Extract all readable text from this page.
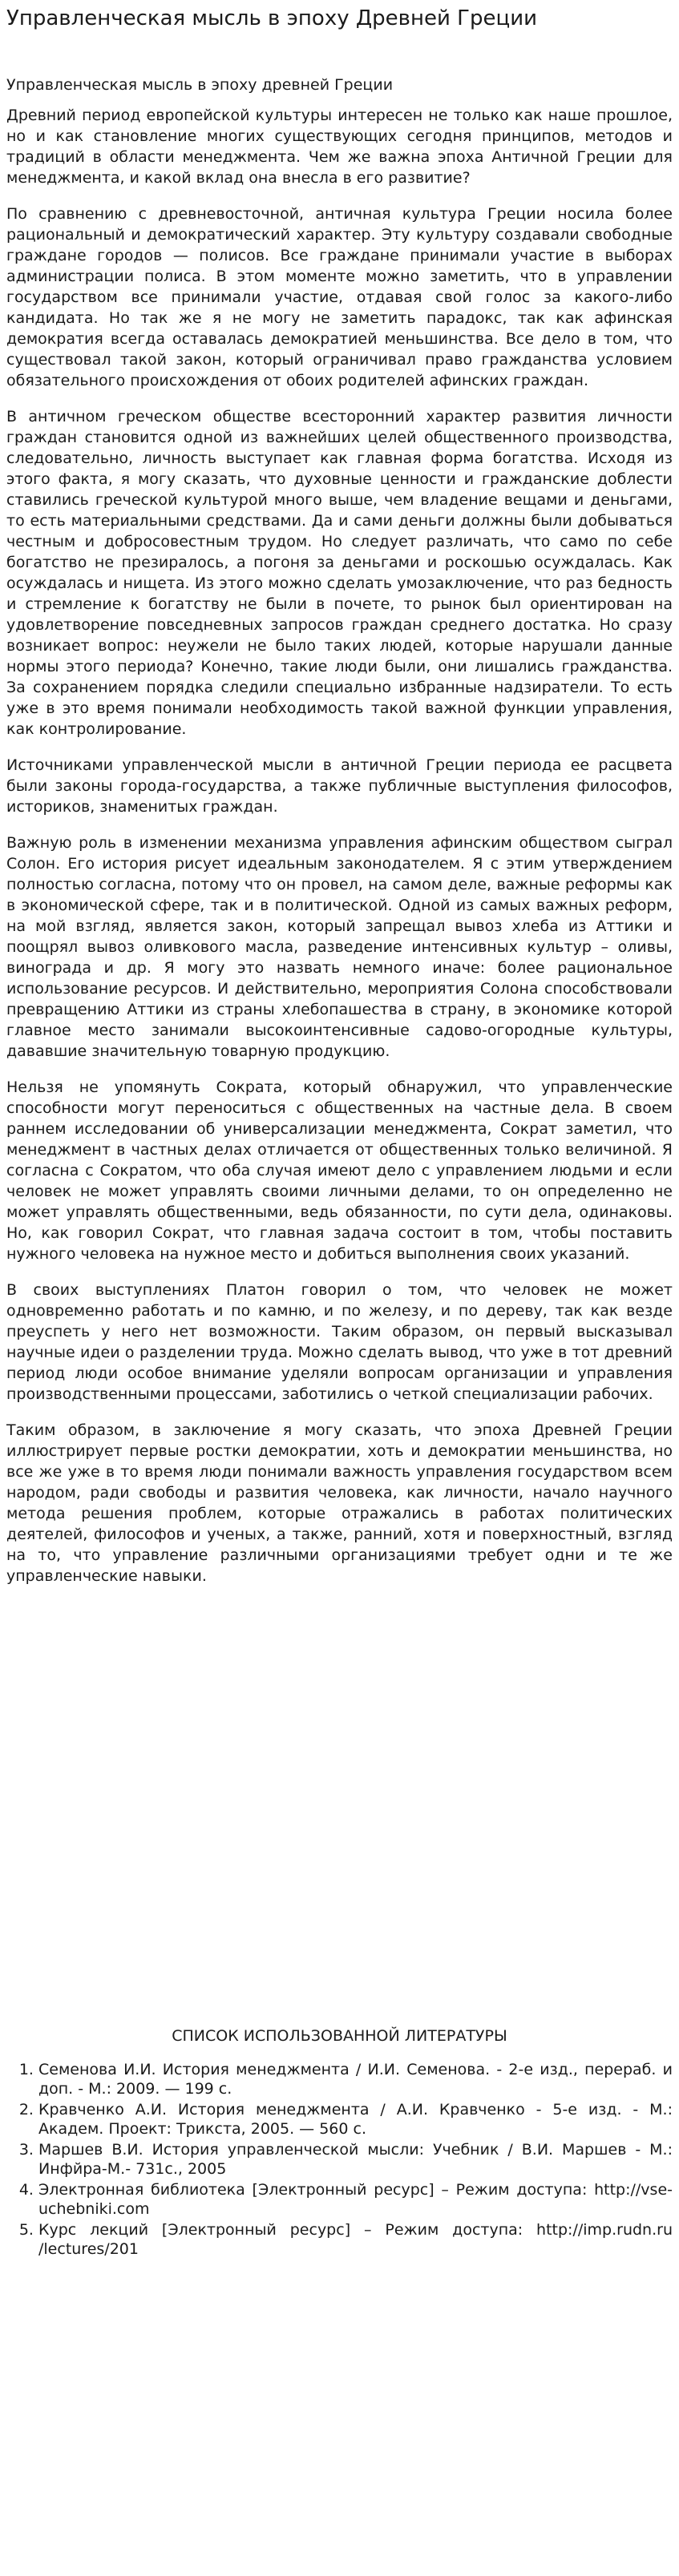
Управленческая мысль в эпоху Древней Греции
Управленческая мысль в эпоху древней Греции

Древний период европейской культуры интересен не только как наше прошлое, но и как становление многих существующих сегодня принципов, методов и традиций в области менеджмента. Чем же важна эпоха Античной Греции для менеджмента, и какой вклад она внесла в его развитие?

По сравнению с древневосточной, античная культура Греции носила более рациональный и демократический характер. Эту культуру создавали свободные граждане городов — полисов. Все граждане принимали участие в выборах администрации полиса. В этом моменте можно заметить, что в управлении государством все принимали участие, отдавая свой голос за какого-либо кандидата. Но так же я не могу не заметить парадокс, так как афинская демократия всегда оставалась демократией меньшинства. Все дело в том, что существовал такой закон, который ограничивал право гражданства условием обязательного происхождения от обоих родителей афинских граждан.

В античном греческом обществе всесторонний характер развития личности граждан становится одной из важнейших целей общественного производства, следовательно, личность выступает как главная форма богатства. Исходя из этого факта, я могу сказать, что духовные ценности и гражданские доблести ставились греческой культурой много выше, чем владение вещами и деньгами, то есть материальными средствами. Да и сами деньги должны были добываться честным и добросовестным трудом. Но следует различать, что само по себе богатство не презиралось, а погоня за деньгами и роскошью осуждалась. Как осуждалась и нищета. Из этого можно сделать умозаключение, что раз бедность и стремление к богатству не были в почете, то рынок был ориентирован на удовлетворение повседневных запросов граждан среднего достатка. Но сразу возникает вопрос: неужели не было таких людей, которые нарушали данные нормы этого периода? Конечно, такие люди были, они лишались гражданства. За сохранением порядка следили специально избранные надзиратели. То есть уже в это время понимали необходимость такой важной функции управления, как контролирование.

Источниками управленческой мысли в античной Греции периода ее расцвета были законы города-государства, а также публичные выступления философов, историков, знаменитых граждан.

Важную роль в изменении механизма управления афинским обществом сыграл Солон. Его история рисует идеальным законодателем. Я с этим утверждением полностью согласна, потому что он провел, на самом деле, важные реформы как в экономической сфере, так и в политической. Одной из самых важных реформ, на мой взгляд, является закон, который запрещал вывоз хлеба из Аттики и поощрял вывоз оливкового масла, разведение интенсивных культур – оливы, винограда и др. Я могу это назвать немного иначе: более рациональное использование ресурсов. И действительно, мероприятия Солона способствовали превращению Аттики из страны хлебопашества в страну, в экономике которой главное место занимали высокоинтенсивные садово-огородные культуры, дававшие значительную товарную продукцию.

Нельзя не упомянуть Сократа, который обнаружил, что управленческие способности могут переноситься с общественных на частные дела. В своем раннем исследовании об универсализации менеджмента, Сократ заметил, что менеджмент в частных делах отличается от общественных только величиной. Я согласна с Сократом, что оба случая имеют дело с управлением людьми и если человек не может управлять своими личными делами, то он определенно не может управлять общественными, ведь обязанности, по сути дела, одинаковы. Но, как говорил Сократ, что главная задача состоит в том, чтобы поставить нужного человека на нужное место и добиться выполнения своих указаний.

В своих выступлениях Платон говорил о том, что человек не может одновременно работать и по камню, и по железу, и по дереву, так как везде преуспеть у него нет возможности. Таким образом, он первый высказывал научные идеи о разделении труда. Можно сделать вывод, что уже в тот древний период люди особое внимание уделяли вопросам организации и управления производственными процессами, заботились о четкой специализации рабочих.

Таким образом, в заключение я могу сказать, что эпоха Древней Греции иллюстрирует первые ростки демократии, хоть и демократии меньшинства, но все же уже в то время люди понимали важность управления государством всем народом, ради свободы и развития человека, как личности, начало научного метода решения проблем, которые отражались в работах политических деятелей, философов и ученых, а также, ранний, хотя и поверхностный, взгляд на то, что управление различными организациями требует одни и те же управленческие навыки.

СПИСОК ИСПОЛЬЗОВАННОЙ ЛИТЕРАТУРЫ
1. Семенова И.И. История менеджмента / И.И. Семенова. - 2-е изд., перераб. и доп. - М.: 2009. — 199 с.
2. Кравченко А.И. История менеджмента / А.И. Кравченко - 5-е изд. - М.: Академ. Проект: Трикста, 2005. — 560 с.
3. Маршев В.И. История управленческой мысли: Учебник / В.И. Маршев - М.: Инфйра-М.- 731с., 2005
4. Электронная библиотека [Электронный ресурс] – Режим доступа: http://vse-uchebniki.com
5. Курс лекций [Электронный ресурс] – Режим доступа: http://imp.rudn.ru /lectures/201
